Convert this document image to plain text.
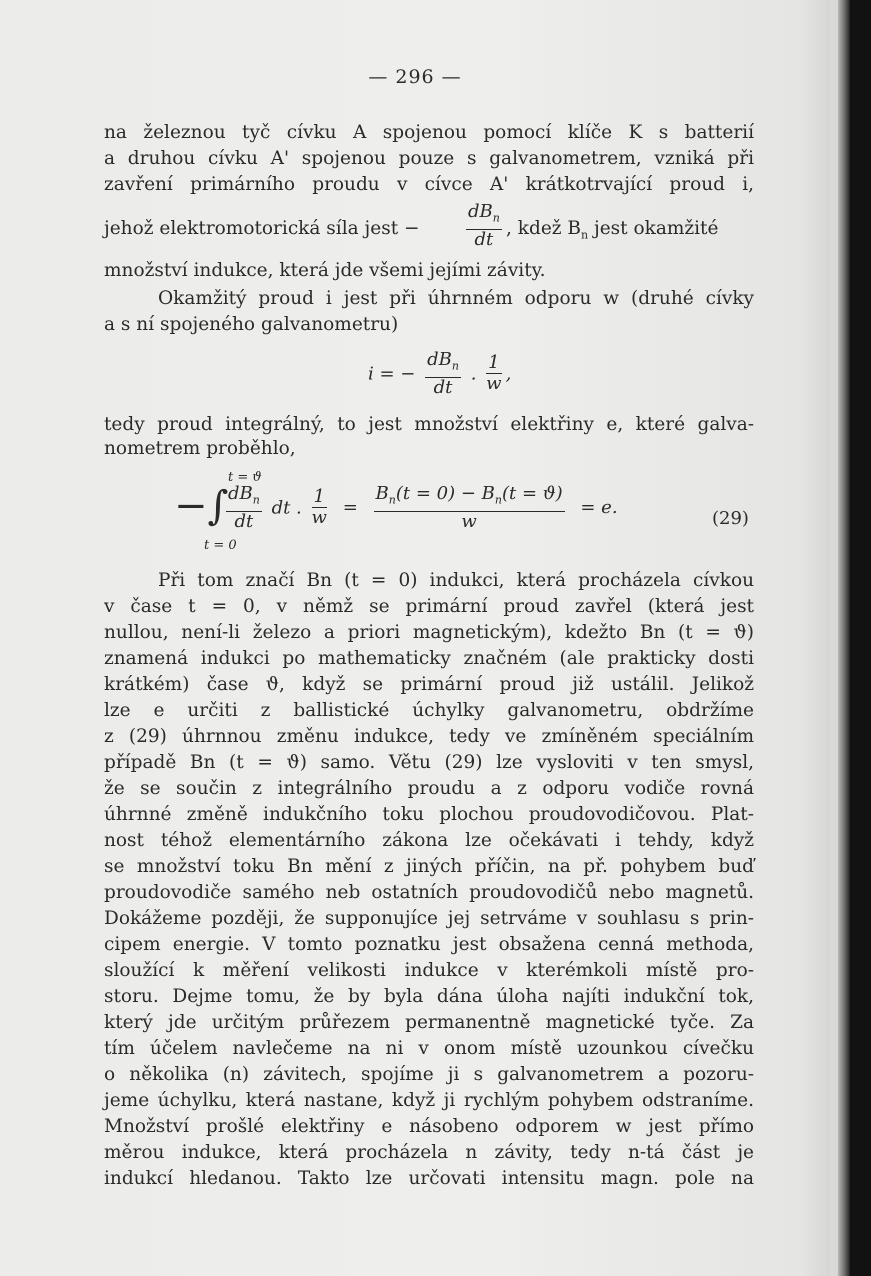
— 296 —
na železnou tyč cívku A spojenou pomocí klíče K s batterií
a druhou cívku A' spojenou pouze s galvanometrem, vzniká při
zavření primárního proudu v cívce A' krátkotrvající proud i,
jehož elektromotorická síla jest −	$\frac{dB_n}{dt}$ , kdež $B_n$ jest okamžité
množství indukce, která jde všemi jejími závity.
Okamžitý proud i jest při úhrnném odporu w (druhé cívky
a s ní spojeného galvanometru)
i = − $\frac{dB_n}{dt}$ . $\frac{1}{w}$ ,
tedy proud integrálný, to jest množství elektřiny e, které galva-
nometrem proběhlo,
t = ϑ
t = 0
−∫
$\frac{dB_n}{dt}$ dt . $\frac{1}{w} = \frac{B_n(t = 0) - B_n(t = ϑ)}{w} = e$.
(29)
Při tom značí Bn (t = 0) indukci, která procházela cívkou
v čase t = 0, v němž se primární proud zavřel (která jest
nullou, není-li železo a priori magnetickým), kdežto Bn (t = ϑ)
znamená indukci po mathematicky značném (ale prakticky dosti
krátkém) čase ϑ, když se primární proud již ustálil. Jelikož
lze e určiti z ballistické úchylky galvanometru, obdržíme
z (29) úhrnnou změnu indukce, tedy ve zmíněném speciálním
případě Bn (t = ϑ) samo. Větu (29) lze vysloviti v ten smysl,
že se součin z integrálního proudu a z odporu vodiče rovná
úhrnné změně indukčního toku plochou proudovodičovou. Plat-
nost téhož elementárního zákona lze očekávati i tehdy, když
se množství toku Bn mění z jiných příčin, na př. pohybem buď
proudovodiče samého neb ostatních proudovodičů nebo magnetů.
Dokážeme později, že supponujíce jej setrváme v souhlasu s prin-
cipem energie. V tomto poznatku jest obsažena cenná methoda,
sloužící k měření velikosti indukce v kterémkoli místě pro-
storu. Dejme tomu, že by byla dána úloha najíti indukční tok,
který jde určitým průřezem permanentně magnetické tyče. Za
tím účelem navlečeme na ni v onom místě uzounkou cívečku
o několika (n) závitech, spojíme ji s galvanometrem a pozoru-
jeme úchylku, která nastane, když ji rychlým pohybem odstraníme.
Množství prošlé elektřiny e násobeno odporem w jest přímo
měrou indukce, která procházela n závity, tedy n-tá část je
indukcí hledanou. Takto lze určovati intensitu magn. pole na
